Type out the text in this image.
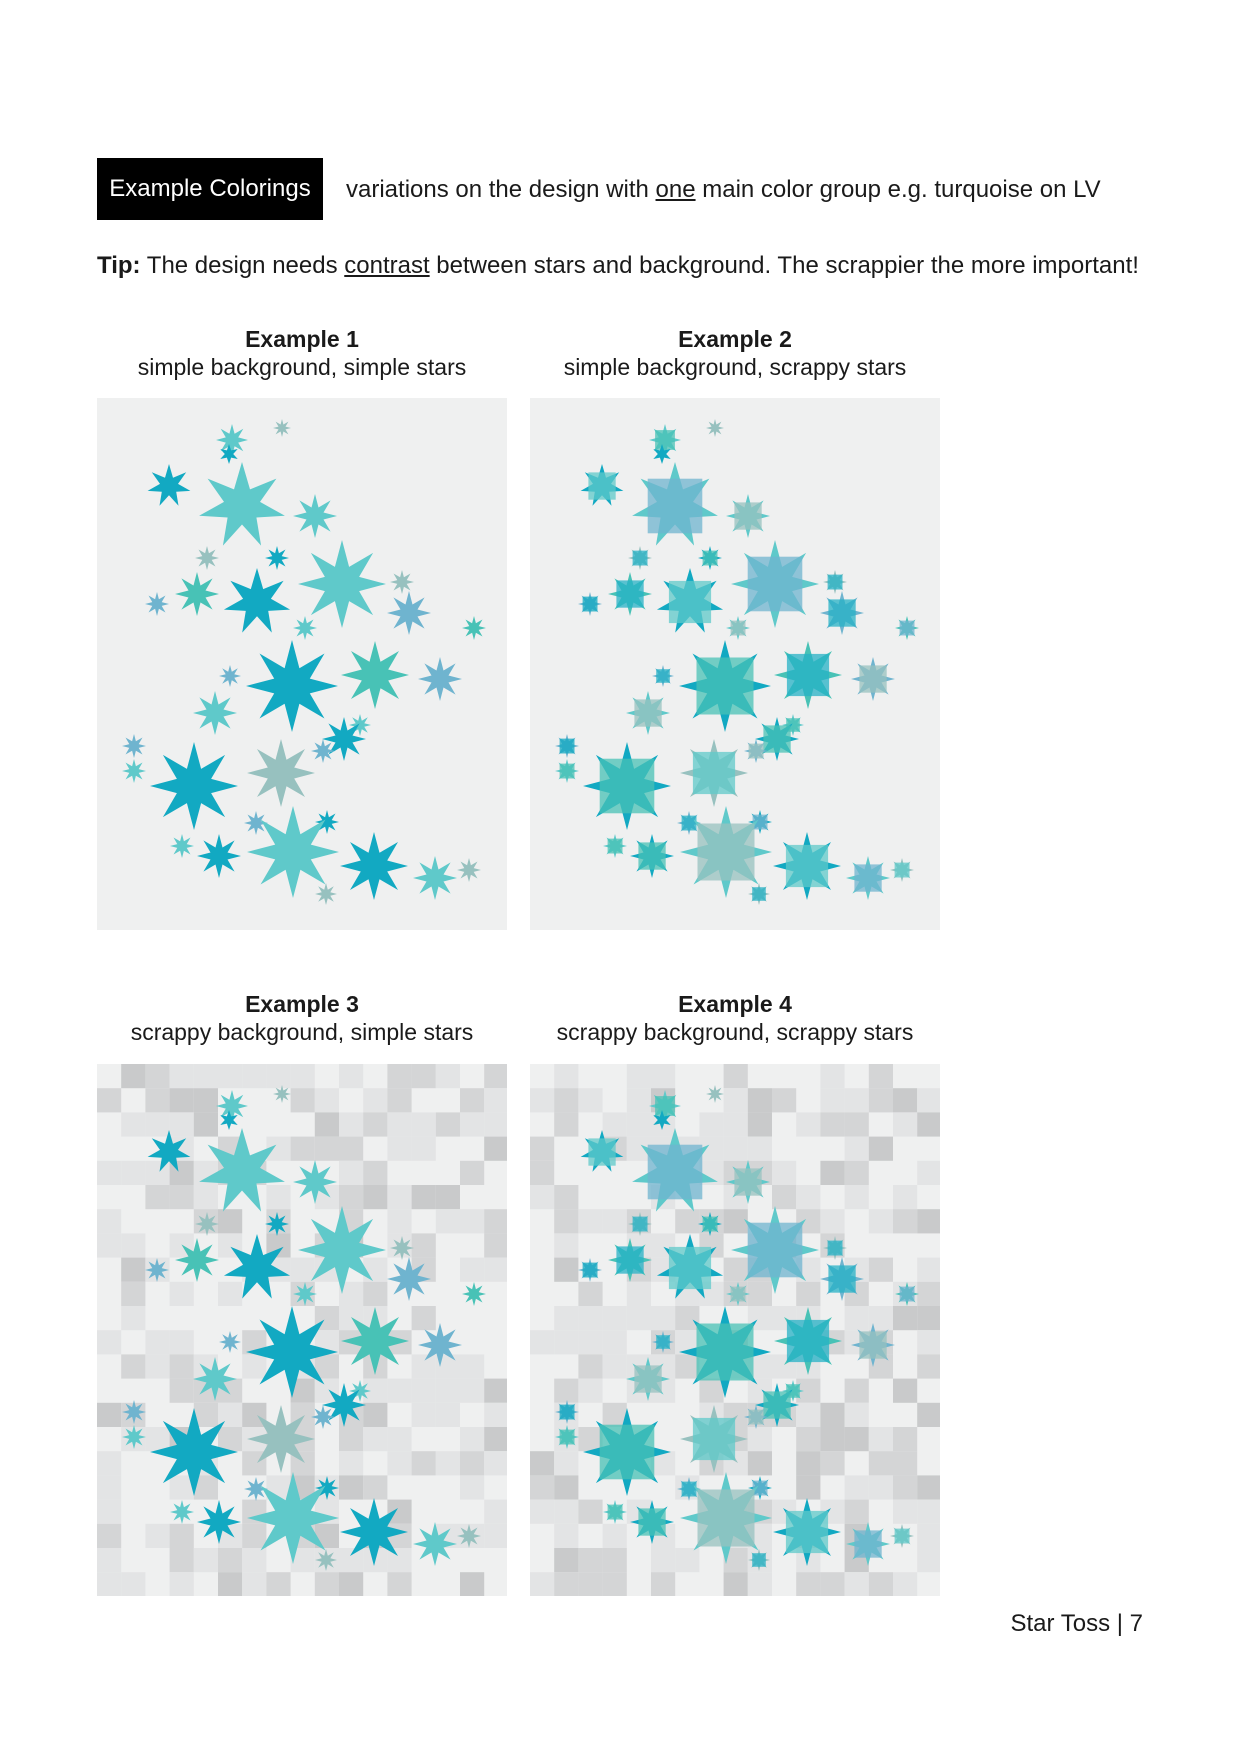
Example Colorings variations on the design with one main color group e.g. turquoise on LV
Tip: The design needs contrast between stars and background. The scrappier the more important!
Example 1
simple background, simple stars
Example 2
simple background, scrappy stars
Example 3
scrappy background, simple stars
Example 4
scrappy background, scrappy stars
Star Toss | 7
